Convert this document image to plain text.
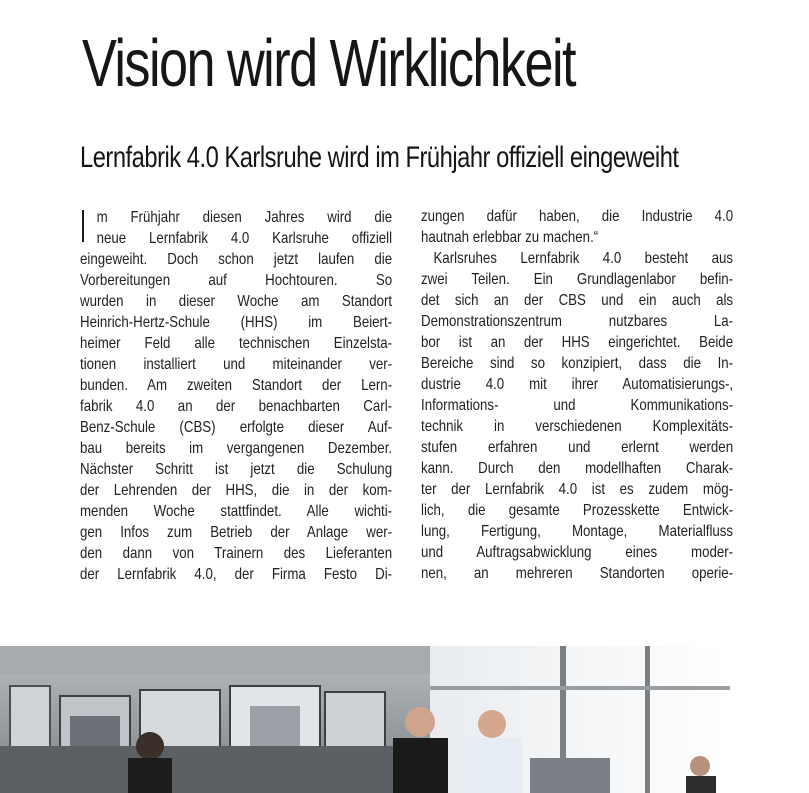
Vision wird Wirklichkeit
Lernfabrik 4.0 Karlsruhe wird im Frühjahr offiziell eingeweiht
m Frühjahr diesen Jahres wird die
neue Lernfabrik 4.0 Karlsruhe offiziell
eingeweiht. Doch schon jetzt laufen die
Vorbereitungen auf Hochtouren. So
wurden in dieser Woche am Standort
Heinrich-Hertz-Schule (HHS) im Beiert-
heimer Feld alle technischen Einzelsta-
tionen installiert und miteinander ver-
bunden. Am zweiten Standort der Lern-
fabrik 4.0 an der benachbarten Carl-
Benz-Schule (CBS) erfolgte dieser Auf-
bau bereits im vergangenen Dezember.
Nächster Schritt ist jetzt die Schulung
der Lehrenden der HHS, die in der kom-
menden Woche stattfindet. Alle wichti-
gen Infos zum Betrieb der Anlage wer-
den dann von Trainern des Lieferanten
der Lernfabrik 4.0, der Firma Festo Di-
zungen dafür haben, die Industrie 4.0
hautnah erlebbar zu machen.“
Karlsruhes Lernfabrik 4.0 besteht aus
zwei Teilen. Ein Grundlagenlabor befin-
det sich an der CBS und ein auch als
Demonstrationszentrum nutzbares La-
bor ist an der HHS eingerichtet. Beide
Bereiche sind so konzipiert, dass die In-
dustrie 4.0 mit ihrer Automatisierungs-,
Informations- und Kommunikations-
technik in verschiedenen Komplexitäts-
stufen erfahren und erlernt werden
kann. Durch den modellhaften Charak-
ter der Lernfabrik 4.0 ist es zudem mög-
lich, die gesamte Prozesskette Entwick-
lung, Fertigung, Montage, Materialfluss
und Auftragsabwicklung eines moder-
nen, an mehreren Standorten operie-
